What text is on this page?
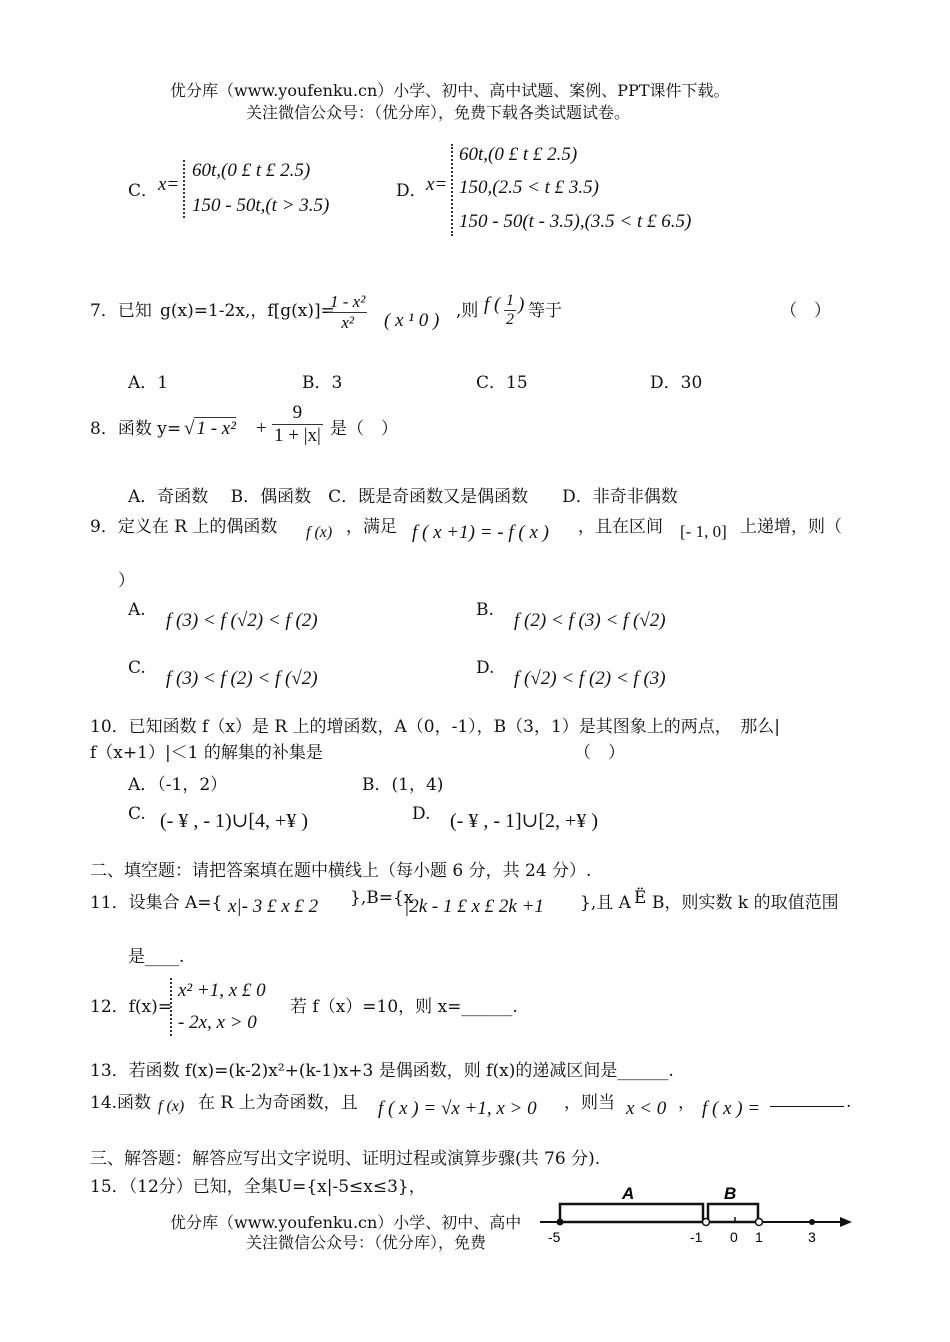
优分库（www.youfenku.cn）小学、初中、高中试题、案例、PPT课件下载。
关注微信公众号：（优分库），免费下载各类试题试卷。
C． x=
60t,(0 £ t £ 2.5)
150 - 50t,(t > 3.5)
D． x=
60t,(0 £ t £ 2.5)
150,(2.5 < t £ 3.5)
150 - 50(t - 3.5),(3.5 < t £ 6.5)
7．已知 g(x)=1-2x,，f[g(x)]=
$\frac{\text{1 - x²}}{\text{x²}}$ ( x ¹ 0 ) ,则 f ( $\frac{1}{2}$ ) 等于	（　）
A．1	B．3	C．15	D．30
8．函数 y= √ $1 - x^2 + \frac{9}{1 + |x|}$ 是（　）
A．奇函数　 B．偶函数　C．既是奇函数又是偶函数　　D．非奇非偶数
9．定义在 R 上的偶函数 f (x) ，满足 f ( x +1) = - f ( x ) ，且在区间 [- 1, 0] 上递增，则（
）
A. f (3) < f (√2) < f (2)	B. f (2) < f (3) < f (√2)
C. f (3) < f (2) < f (√2)	D. f (√2) < f (2) < f (3)
10．已知函数 f（x）是 R 上的增函数，A（0，-1），B（3，1）是其图象上的两点，　那么|
f（x+1）|＜1 的解集的补集是	（　）
A．（-1，2）	B．(1，4)
C. (- ¥ , - 1)∪[4, +¥ )	D. (- ¥ , - 1]∪[2, +¥ )
二、填空题：请把答案填在题中横线上（每小题 6 分，共 24 分）.
11．设集合 A={ x|- 3 £ x £ 2 },B={x
|2k - 1 £ x £ 2k +1 },且 A Ë B，则实数 k 的取值范围
是____.
12．f(x)=
x² +1, x £ 0
- 2x, x > 0
若 f（x）=10，则 x=______.
13．若函数 f(x)=(k-2)x²+(k-1)x+3 是偶函数，则 f(x)的递减区间是______.
14.函数 f (x) 在 R 上为奇函数，且 f ( x ) = √x +1, x > 0 ，则当 x < 0 ， f ( x ) =	.
三、解答题：解答应写出文字说明、证明过程或演算步骤(共 76 分).
15．（12分）已知，全集U={x|-5≤x≤3}，
优分库（www.youfenku.cn）小学、初中、高中
关注微信公众号：（优分库），免费
A	B
-5	-1 0 1	3
